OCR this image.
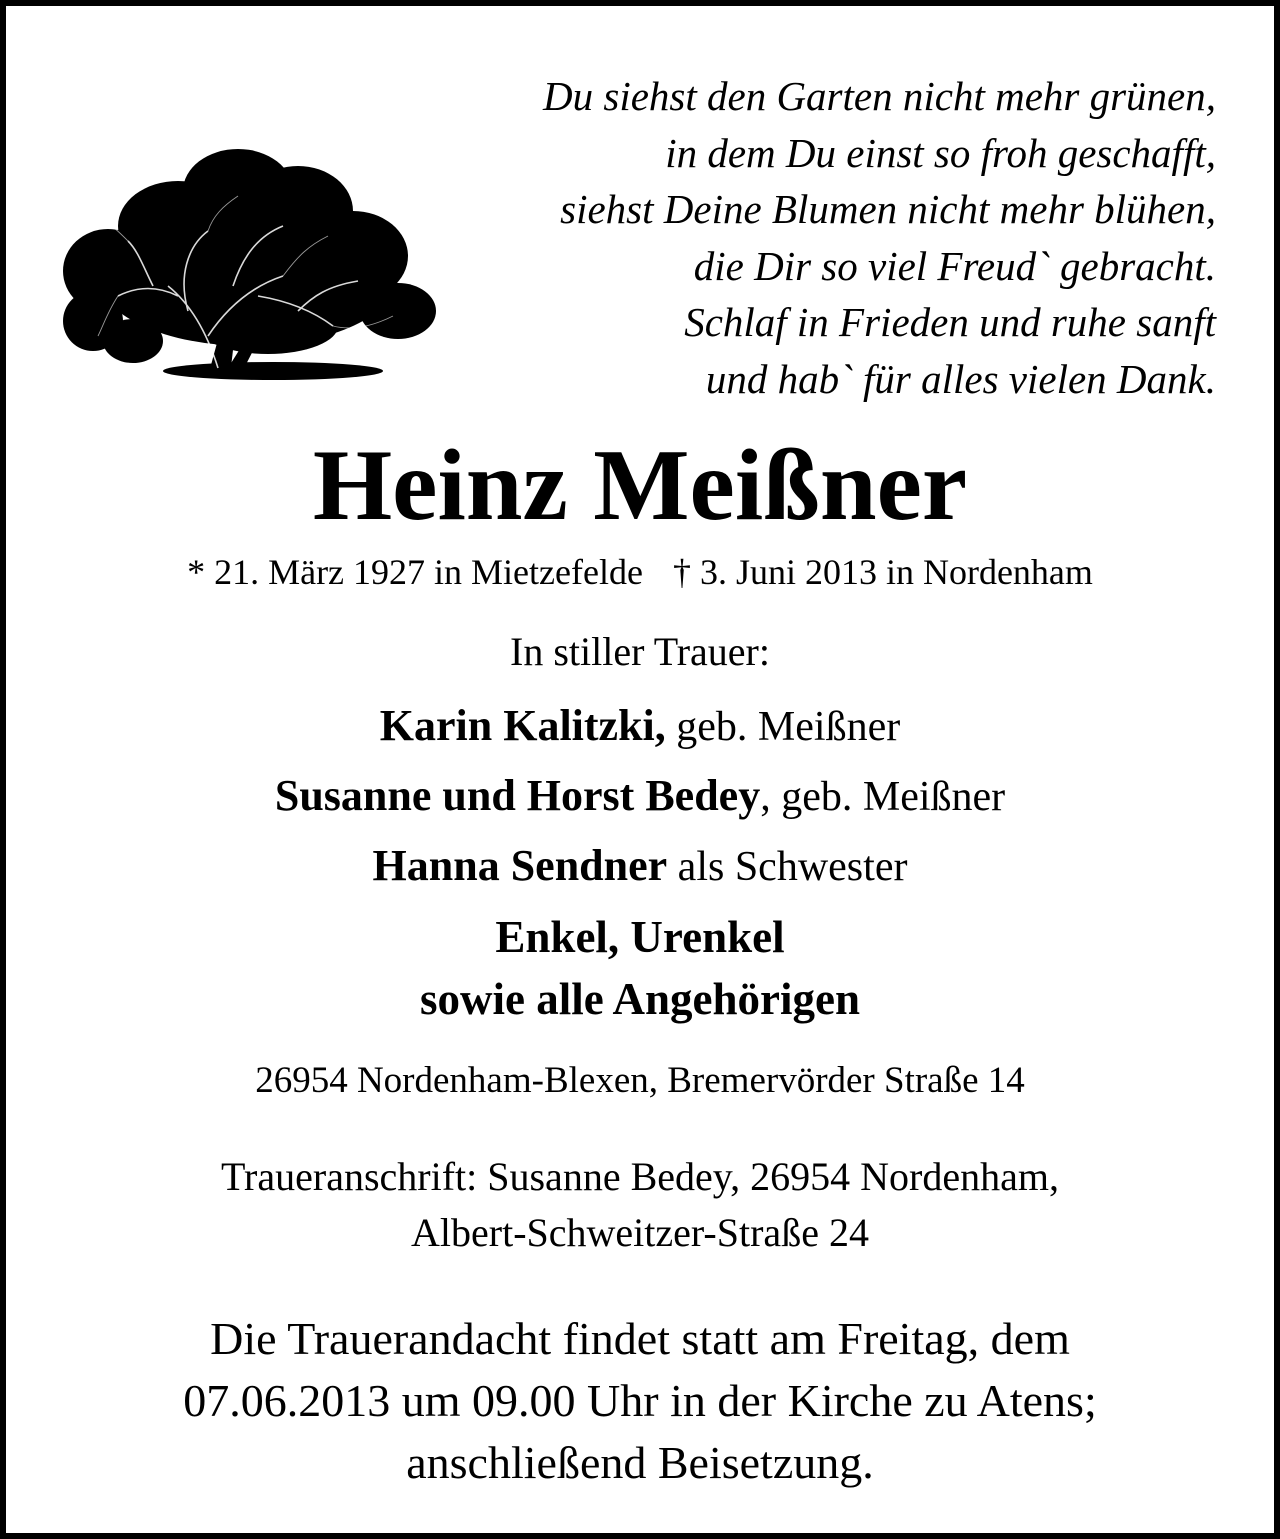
Du siehst den Garten nicht mehr grünen,
in dem Du einst so froh geschafft,
siehst Deine Blumen nicht mehr blühen,
die Dir so viel Freud` gebracht.
Schlaf in Frieden und ruhe sanft
und hab` für alles vielen Dank.
Heinz Meißner
* 21. März 1927 in Mietzefelde † 3. Juni 2013 in Nordenham
In stiller Trauer:
Karin Kalitzki, geb. Meißner
Susanne und Horst Bedey, geb. Meißner
Hanna Sendner als Schwester
Enkel, Urenkel
sowie alle Angehörigen
26954 Nordenham-Blexen, Bremervörder Straße 14
Traueranschrift: Susanne Bedey, 26954 Nordenham,
Albert-Schweitzer-Straße 24
Die Trauerandacht findet statt am Freitag, dem
07.06.2013 um 09.00 Uhr in der Kirche zu Atens;
anschließend Beisetzung.
